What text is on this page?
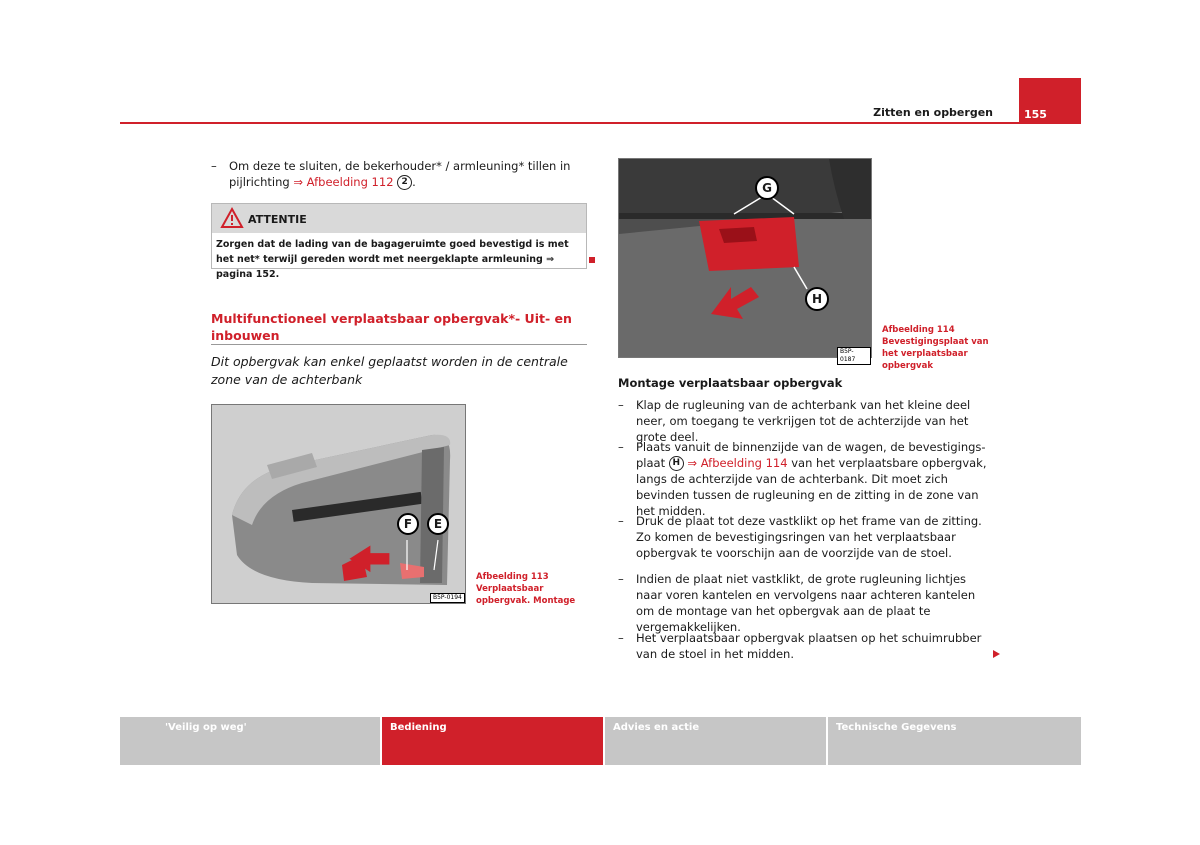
155
Zitten en opbergen
– Om deze te sluiten, de bekerhouder* / armleuning* tillen in pijlrichting ⇒ Afbeelding 112 2 .
ATTENTIE
Zorgen dat de lading van de bagageruimte goed bevestigd is met het net* terwijl gereden wordt met neergeklapte armleuning ⇒ pagina 152.
Multifunctioneel verplaatsbaar opbergvak*- Uit- en inbouwen
Dit opbergvak kan enkel geplaatst worden in de centrale zone van de achterbank
F	E
B5P-0194
Afbeelding 113 Verplaatsbaar opbergvak. Montage
G
H
B5P-0187
Afbeelding 114 Bevestigingsplaat van het verplaatsbaar opbergvak
Montage verplaatsbaar opbergvak
– Klap de rugleuning van de achterbank van het kleine deel neer, om toegang te verkrijgen tot de achterzijde van het grote deel.
– Plaats vanuit de binnenzijde van de wagen, de bevestigingsplaat H ⇒ Afbeelding 114 van het verplaatsbare opbergvak, langs de achterzijde van de achterbank. Dit moet zich bevinden tussen de rugleuning en de zitting in de zone van het midden.
– Druk de plaat tot deze vastklikt op het frame van de zitting. Zo komen de bevestigingsringen van het verplaatsbaar opbergvak te voorschijn aan de voorzijde van de stoel.
– Indien de plaat niet vastklikt, de grote rugleuning lichtjes naar voren kantelen en vervolgens naar achteren kantelen om de montage van het opbergvak aan de plaat te vergemakkelijken.
– Het verplaatsbaar opbergvak plaatsen op het schuimrubber van de stoel in het midden.
'Veilig op weg'	Bediening	Advies en actie	Technische Gegevens
